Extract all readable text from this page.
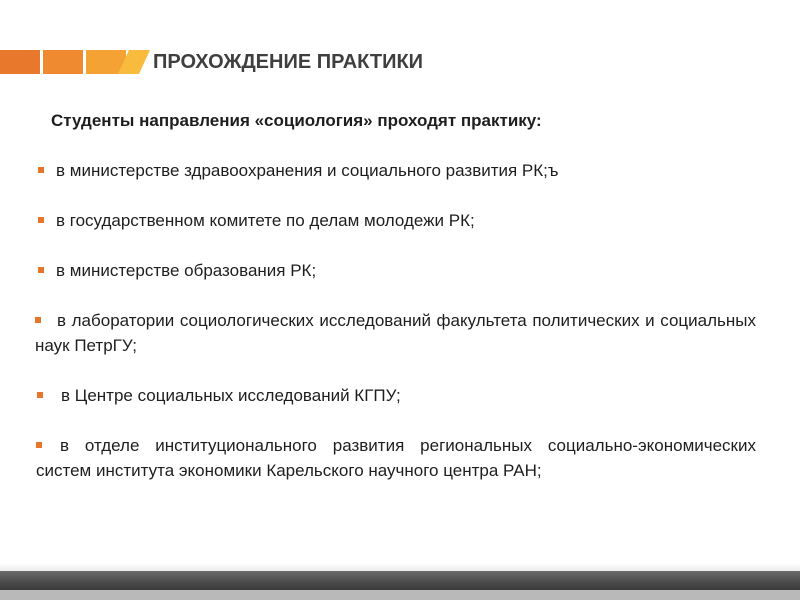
ПРОХОЖДЕНИЕ ПРАКТИКИ
Студенты направления «социология» проходят практику:
в министерстве здравоохранения и социального развития РК;ъ
в государственном комитете по делам молодежи РК;
в министерстве образования РК;
в лаборатории социологических исследований факультета политических и социальных наук ПетрГУ;
в Центре социальных исследований КГПУ;
в отделе институционального развития региональных социально-экономических систем института экономики Карельского научного центра РАН;
